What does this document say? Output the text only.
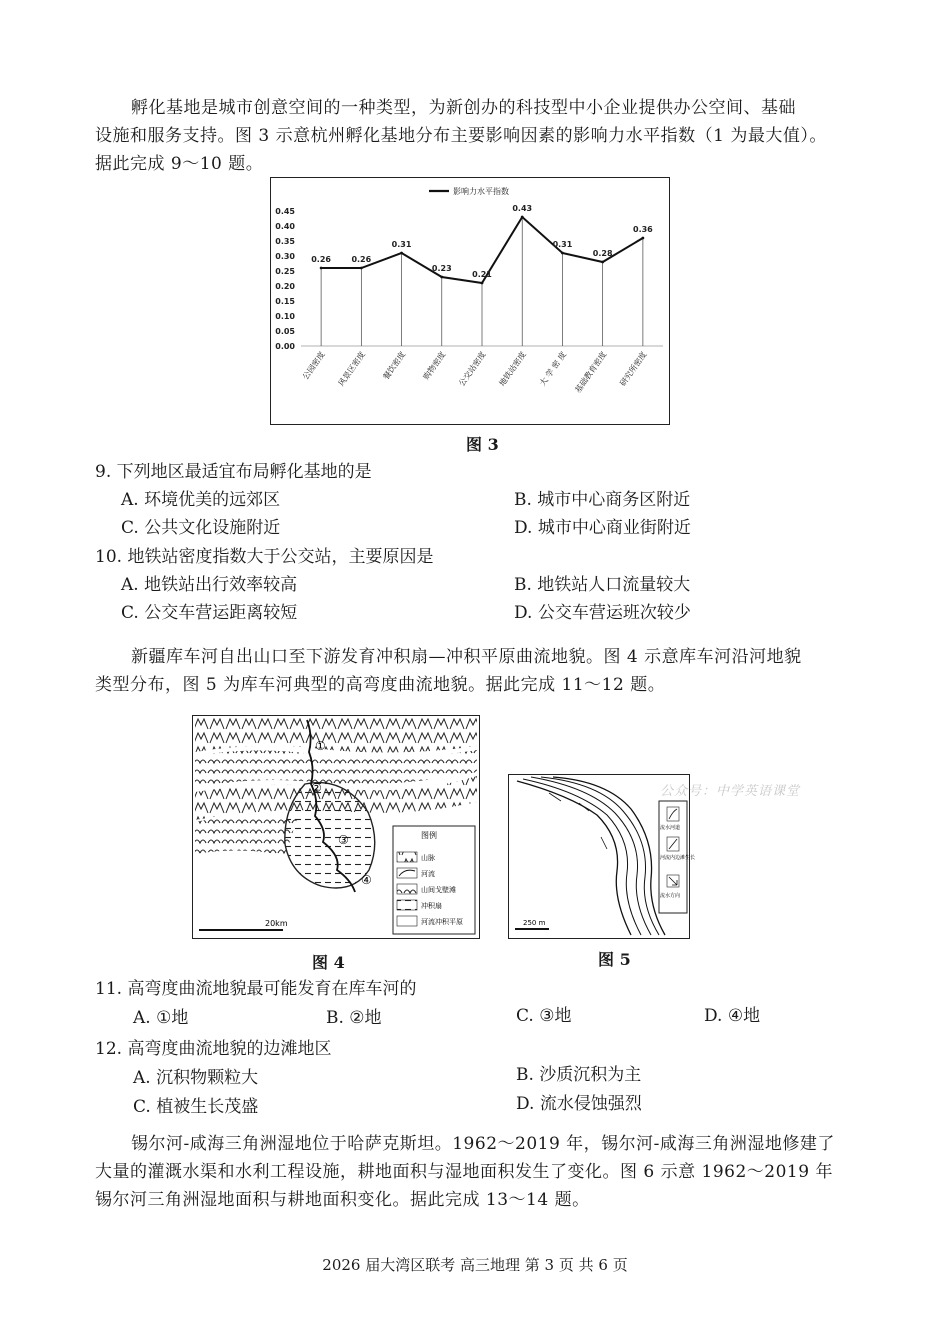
孵化基地是城市创意空间的一种类型，为新创办的科技型中小企业提供办公空间、基础
设施和服务支持。图 3 示意杭州孵化基地分布主要影响因素的影响力水平指数（1 为最大值）。
据此完成 9～10 题。
0.00
0.05
0.10
0.15
0.20
0.25
0.30
0.35
0.40
0.45
0.26	0.26
0.31
0.23
0.21
0.43
0.31
0.28
0.36
公园密度 风景区密度 餐饮密度 购物密度 公交站密度 地铁站密度 大 学 密 度 基础教育密度 研究所密度
影响力水平指数
图 3
9. 下列地区最适宜布局孵化基地的是
A. 环境优美的远郊区	B. 城市中心商务区附近
C. 公共文化设施附近	D. 城市中心商业街附近
10. 地铁站密度指数大于公交站，主要原因是
A. 地铁站出行效率较高	B. 地铁站人口流量较大
C. 公交车营运距离较短	D. 公交车营运班次较少
新疆库车河自出山口至下游发育冲积扇—冲积平原曲流地貌。图 4 示意库车河沿河地貌
类型分布，图 5 为库车河典型的高弯度曲流地貌。据此完成 11～12 题。
①
②
③
④
20km
图例
山脉
河流
山间戈壁滩
冲积扇
河流冲积平原
图 4
250 m
流水河道
河流内边滩生长
流水方向
图 5
公众号：中学英语课堂
11. 高弯度曲流地貌最可能发育在库车河的
A. ①地	B. ②地	C. ③地	D. ④地
12. 高弯度曲流地貌的边滩地区
A. 沉积物颗粒大	B. 沙质沉积为主
C. 植被生长茂盛	D. 流水侵蚀强烈
锡尔河-咸海三角洲湿地位于哈萨克斯坦。1962～2019 年，锡尔河-咸海三角洲湿地修建了
大量的灌溉水渠和水利工程设施，耕地面积与湿地面积发生了变化。图 6 示意 1962～2019 年
锡尔河三角洲湿地面积与耕地面积变化。据此完成 13～14 题。
2026 届大湾区联考 高三地理 第 3 页 共 6 页
